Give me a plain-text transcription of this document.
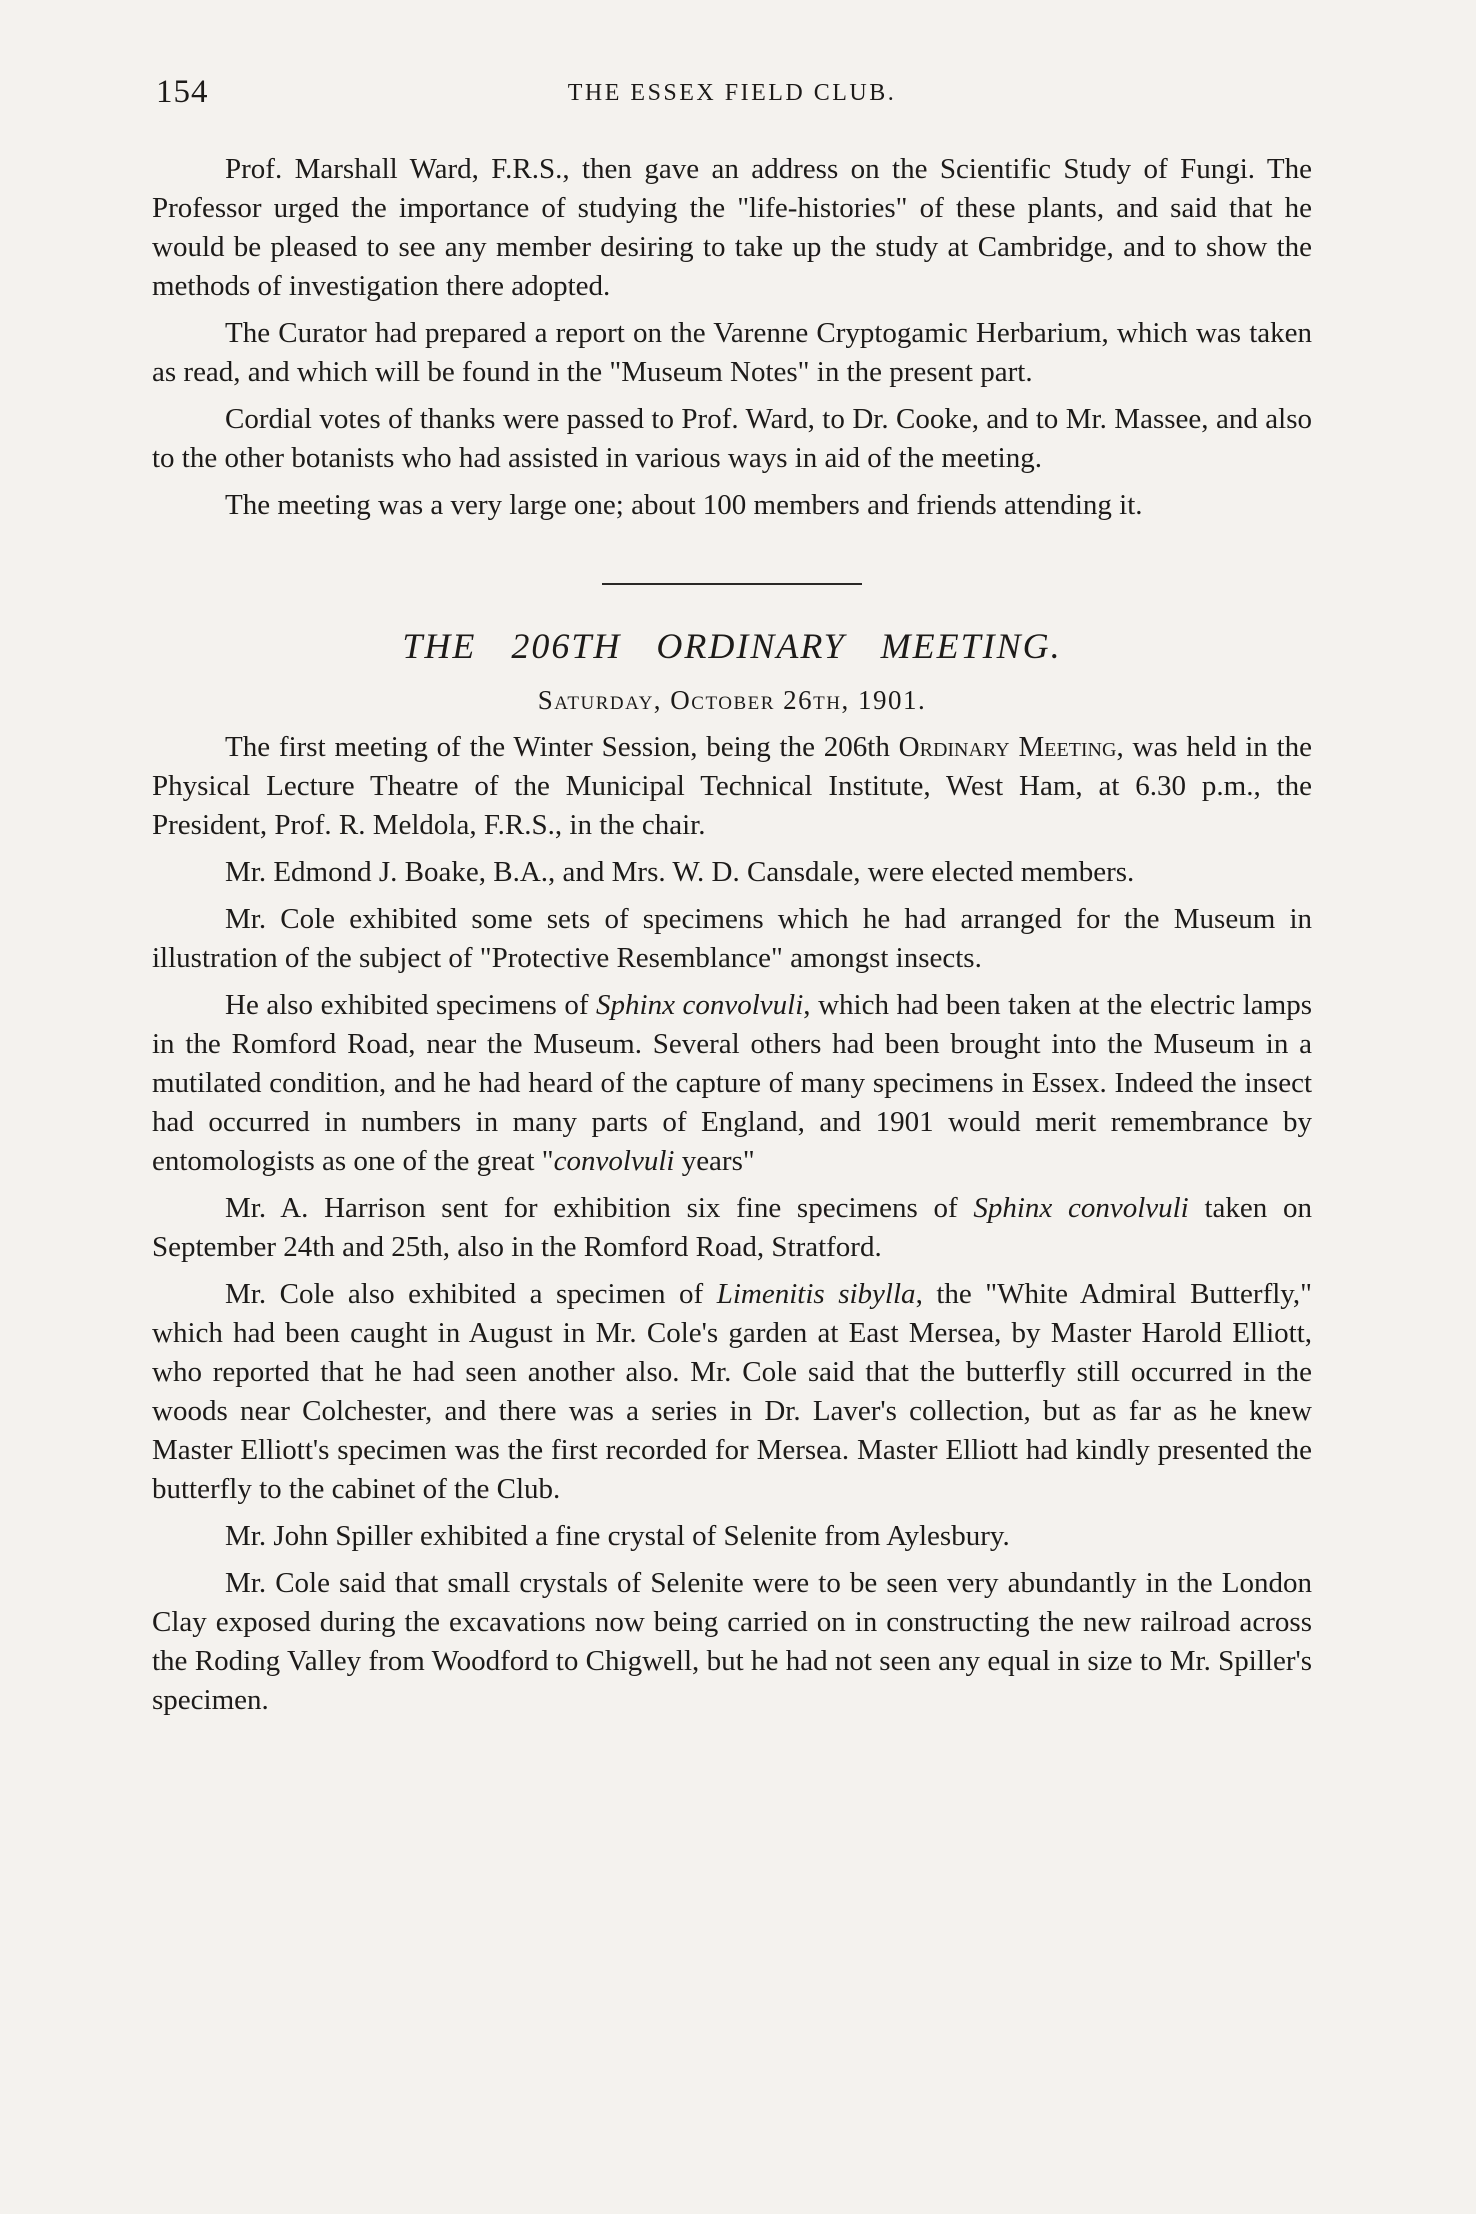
154	THE ESSEX FIELD CLUB.

Prof. Marshall Ward, F.R.S., then gave an address on the Scientific Study of Fungi. The Professor urged the importance of studying the "life-histories" of these plants, and said that he would be pleased to see any member desiring to take up the study at Cambridge, and to show the methods of investigation there adopted.

The Curator had prepared a report on the Varenne Cryptogamic Herbarium, which was taken as read, and which will be found in the "Museum Notes" in the present part.

Cordial votes of thanks were passed to Prof. Ward, to Dr. Cooke, and to Mr. Massee, and also to the other botanists who had assisted in various ways in aid of the meeting.

The meeting was a very large one; about 100 members and friends attending it.

THE 206TH ORDINARY MEETING.
Saturday, October 26th, 1901.

The first meeting of the Winter Session, being the 206th Ordinary Meeting, was held in the Physical Lecture Theatre of the Municipal Technical Institute, West Ham, at 6.30 p.m., the President, Prof. R. Meldola, F.R.S., in the chair.

Mr. Edmond J. Boake, B.A., and Mrs. W. D. Cansdale, were elected members.

Mr. Cole exhibited some sets of specimens which he had arranged for the Museum in illustration of the subject of "Protective Resemblance" amongst insects.

He also exhibited specimens of Sphinx convolvuli, which had been taken at the electric lamps in the Romford Road, near the Museum. Several others had been brought into the Museum in a mutilated condition, and he had heard of the capture of many specimens in Essex. Indeed the insect had occurred in numbers in many parts of England, and 1901 would merit remembrance by entomologists as one of the great "convolvuli years"

Mr. A. Harrison sent for exhibition six fine specimens of Sphinx convolvuli taken on September 24th and 25th, also in the Romford Road, Stratford.

Mr. Cole also exhibited a specimen of Limenitis sibylla, the "White Admiral Butterfly," which had been caught in August in Mr. Cole's garden at East Mersea, by Master Harold Elliott, who reported that he had seen another also. Mr. Cole said that the butterfly still occurred in the woods near Colchester, and there was a series in Dr. Laver's collection, but as far as he knew Master Elliott's specimen was the first recorded for Mersea. Master Elliott had kindly presented the butterfly to the cabinet of the Club.

Mr. John Spiller exhibited a fine crystal of Selenite from Aylesbury.

Mr. Cole said that small crystals of Selenite were to be seen very abundantly in the London Clay exposed during the excavations now being carried on in constructing the new railroad across the Roding Valley from Woodford to Chigwell, but he had not seen any equal in size to Mr. Spiller's specimen.
